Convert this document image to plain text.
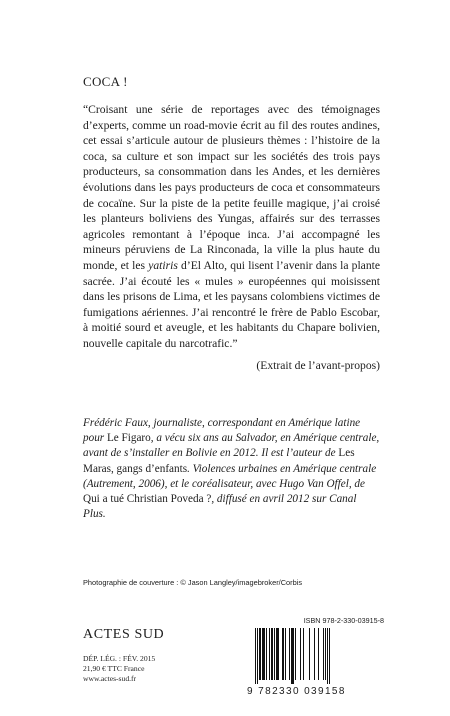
COCA !

“Croisant une série de reportages avec des témoignages d’experts, comme un road-movie écrit au fil des routes andines, cet essai s’articule autour de plusieurs thèmes : l’histoire de la coca, sa culture et son impact sur les sociétés des trois pays producteurs, sa consommation dans les Andes, et les dernières évolutions dans les pays producteurs de coca et consommateurs de cocaïne. Sur la piste de la petite feuille magique, j’ai croisé les planteurs boliviens des Yungas, affairés sur des terrasses agricoles remontant à l’époque inca. J’ai accompagné les mineurs péruviens de La Rinconada, la ville la plus haute du monde, et les yatiris d’El Alto, qui lisent l’avenir dans la plante sacrée. J’ai écouté les « mules » européennes qui moisissent dans les prisons de Lima, et les paysans colombiens victimes de fumigations aériennes. J’ai rencontré le frère de Pablo Escobar, à moitié sourd et aveugle, et les habitants du Chapare bolivien, nouvelle capitale du narcotrafic.”

(Extrait de l’avant-propos)

Frédéric Faux, journaliste, correspondant en Amérique latine pour Le Figaro, a vécu six ans au Salvador, en Amérique centrale, avant de s’installer en Bolivie en 2012. Il est l’auteur de Les Maras, gangs d’enfants. Violences urbaines en Amérique centrale (Autrement, 2006), et le coréalisateur, avec Hugo Van Offel, de Qui a tué Christian Poveda ?, diffusé en avril 2012 sur Canal Plus.

Photographie de couverture : © Jason Langley/imagebroker/Corbis
ISBN 978-2-330-03915-8
ACTES SUD
DÉP. LÉG. : FÉV. 2015
21,90 € TTC France
www.actes-sud.fr
9 782330 039158
